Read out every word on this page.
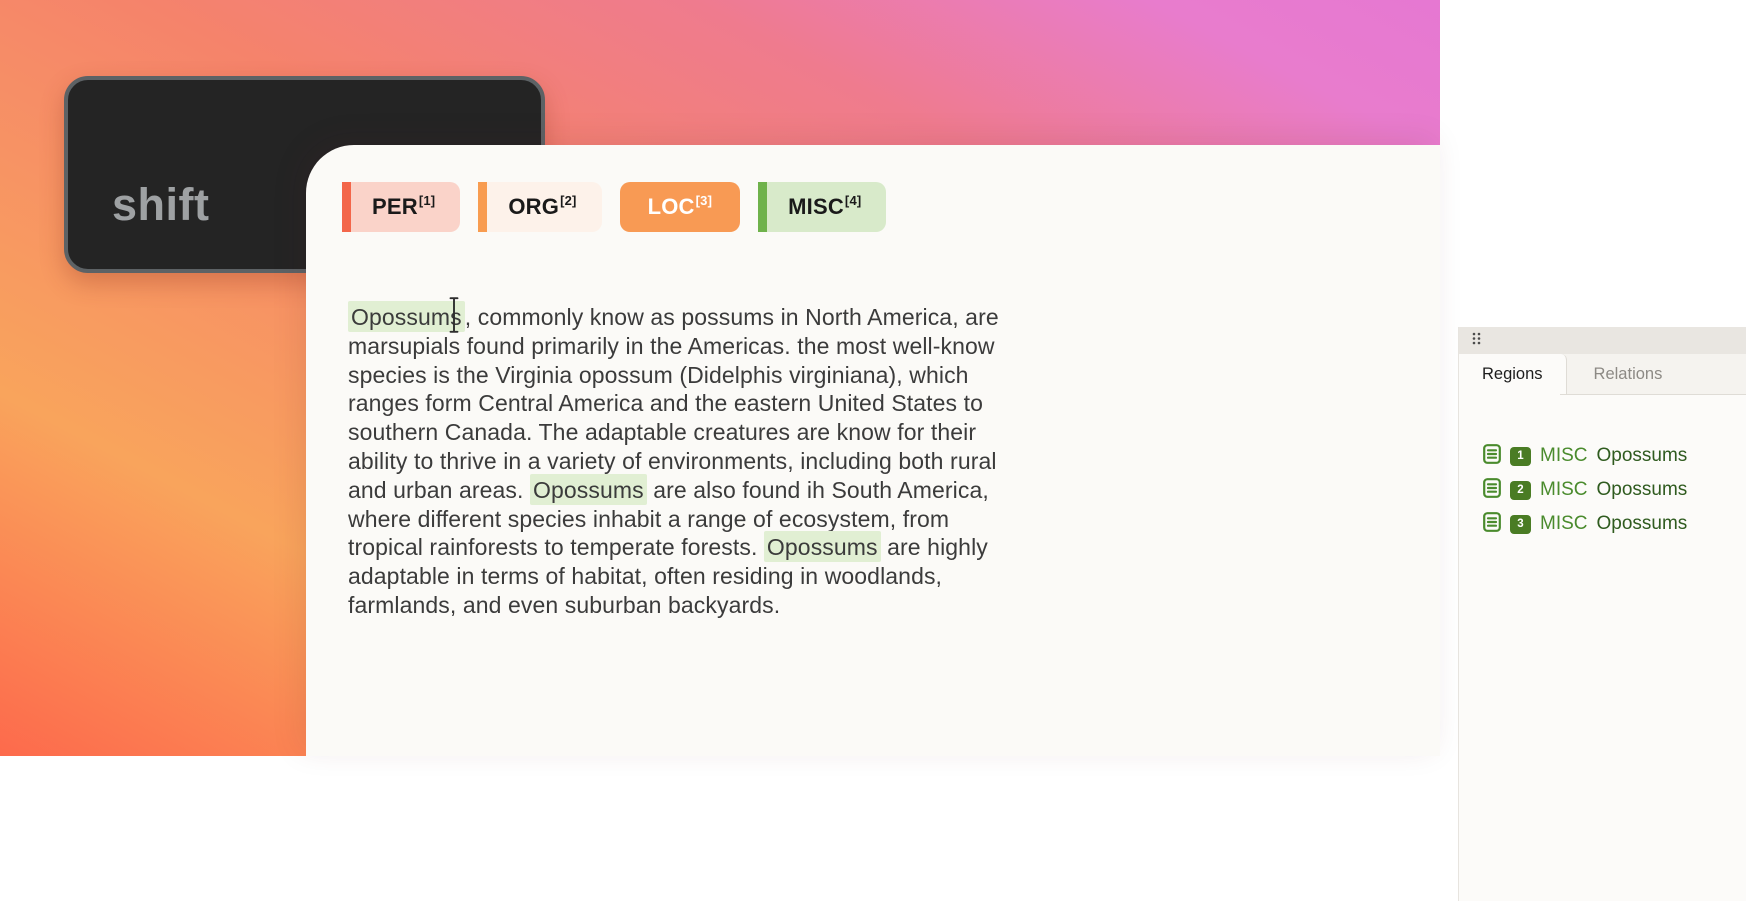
shift	PER[1]	ORG[2]	LOC[3]	MISC[4]
Opossums , commonly know as possums in North America, are
marsupials found primarily in the Americas. the most well-know
species is the Virginia opossum (Didelphis virginiana), which
ranges form Central America and the eastern United States to
southern Canada. The adaptable creatures are know for their
ability to thrive in a variety of environments, including both rural
and urban areas. Opossums are also found ih South America,
where different species inhabit a range of ecosystem, from
tropical rainforests to temperate forests. Opossums are highly
adaptable in terms of habitat, often residing in woodlands,
farmlands, and even suburban backyards.
Regions	Relations
1 MISC Opossums
2 MISC Opossums
3 MISC Opossums
